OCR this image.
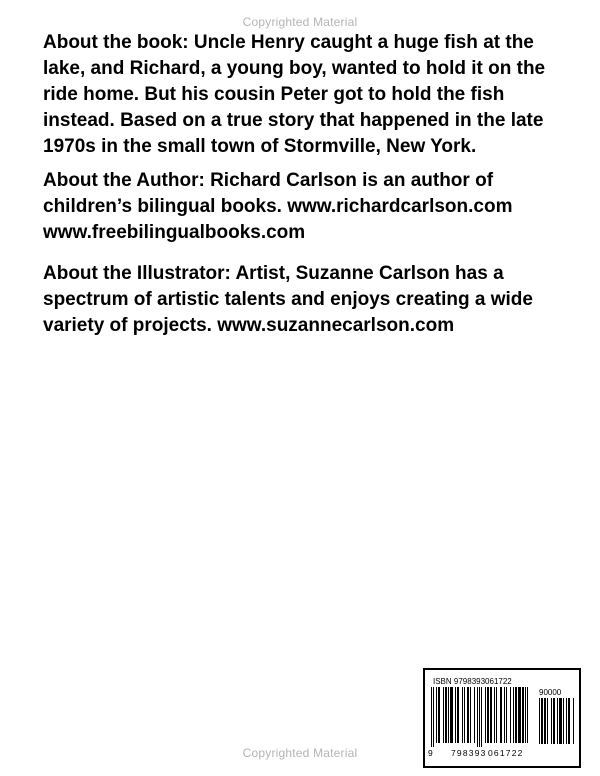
Copyrighted Material
About the book: Uncle Henry caught a huge fish at the
lake, and Richard, a young boy, wanted to hold it on the
ride home. But his cousin Peter got to hold the fish
instead. Based on a true story that happened in the late
1970s in the small town of Stormville, New York.
About the Author: Richard Carlson is an author of
children’s bilingual books. www.richardcarlson.com
www.freebilingualbooks.com
About the Illustrator: Artist, Suzanne Carlson has a
spectrum of artistic talents and enjoys creating a wide
variety of projects. www.suzannecarlson.com
ISBN 9798393061722
90000
9 798393 061722
Copyrighted Material
